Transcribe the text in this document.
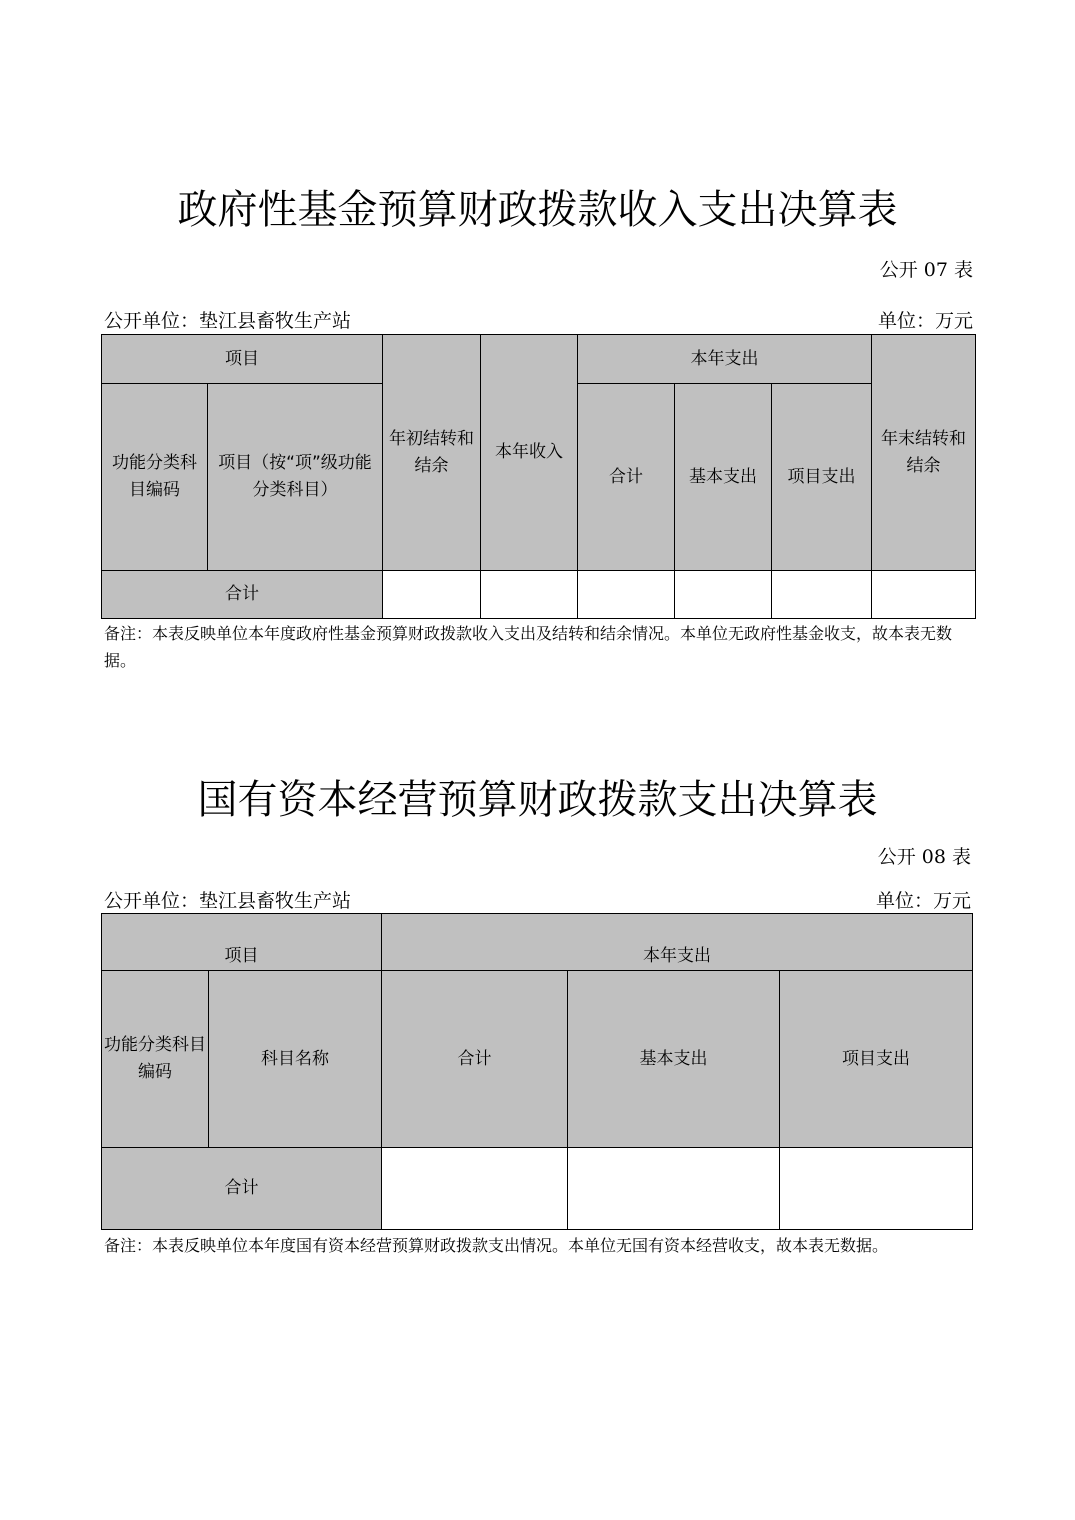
政府性基金预算财政拨款收入支出决算表
公开 07 表
公开单位：垫江县畜牧生产站	单位：万元
项目		年初结转和结余	本年收入	本年支出			年末结转和结余
功能分类科目编码	项目（按“项”级功能分类科目）			合计	基本支出	项目支出	
合计							
备注：本表反映单位本年度政府性基金预算财政拨款收入支出及结转和结余情况。本单位无政府性基金收支，故本表无数据。
国有资本经营预算财政拨款支出决算表
公开 08 表
公开单位：垫江县畜牧生产站	单位：万元
项目		本年支出		
功能分类科目编码	科目名称	合计	基本支出	项目支出
合计				
备注：本表反映单位本年度国有资本经营预算财政拨款支出情况。本单位无国有资本经营收支，故本表无数据。
